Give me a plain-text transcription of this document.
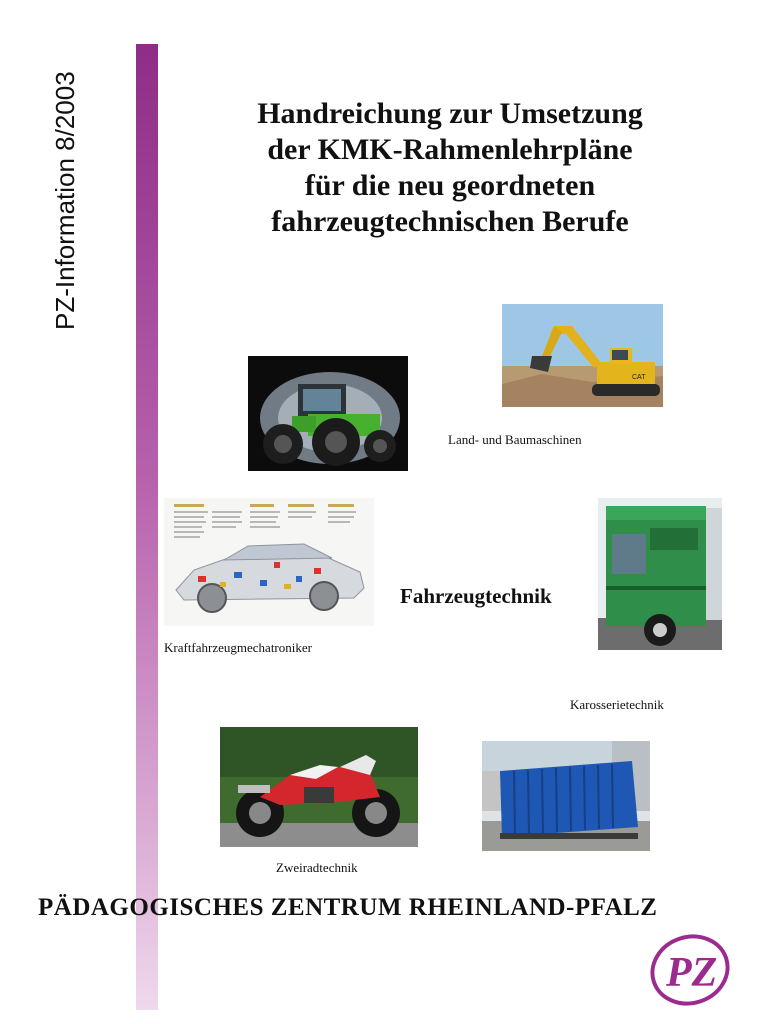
PZ-Information 8/2003	Handreichung zur Umsetzung
der KMK-Rahmenlehrpläne
für die neu geordneten
fahrzeugtechnischen Berufe
CAT
Land- und Baumaschinen
Fahrzeugtechnik
Kraftfahrzeugmechatroniker
Karosserietechnik
Zweiradtechnik
PÄDAGOGISCHES ZENTRUM RHEINLAND-PFALZ
PZ
